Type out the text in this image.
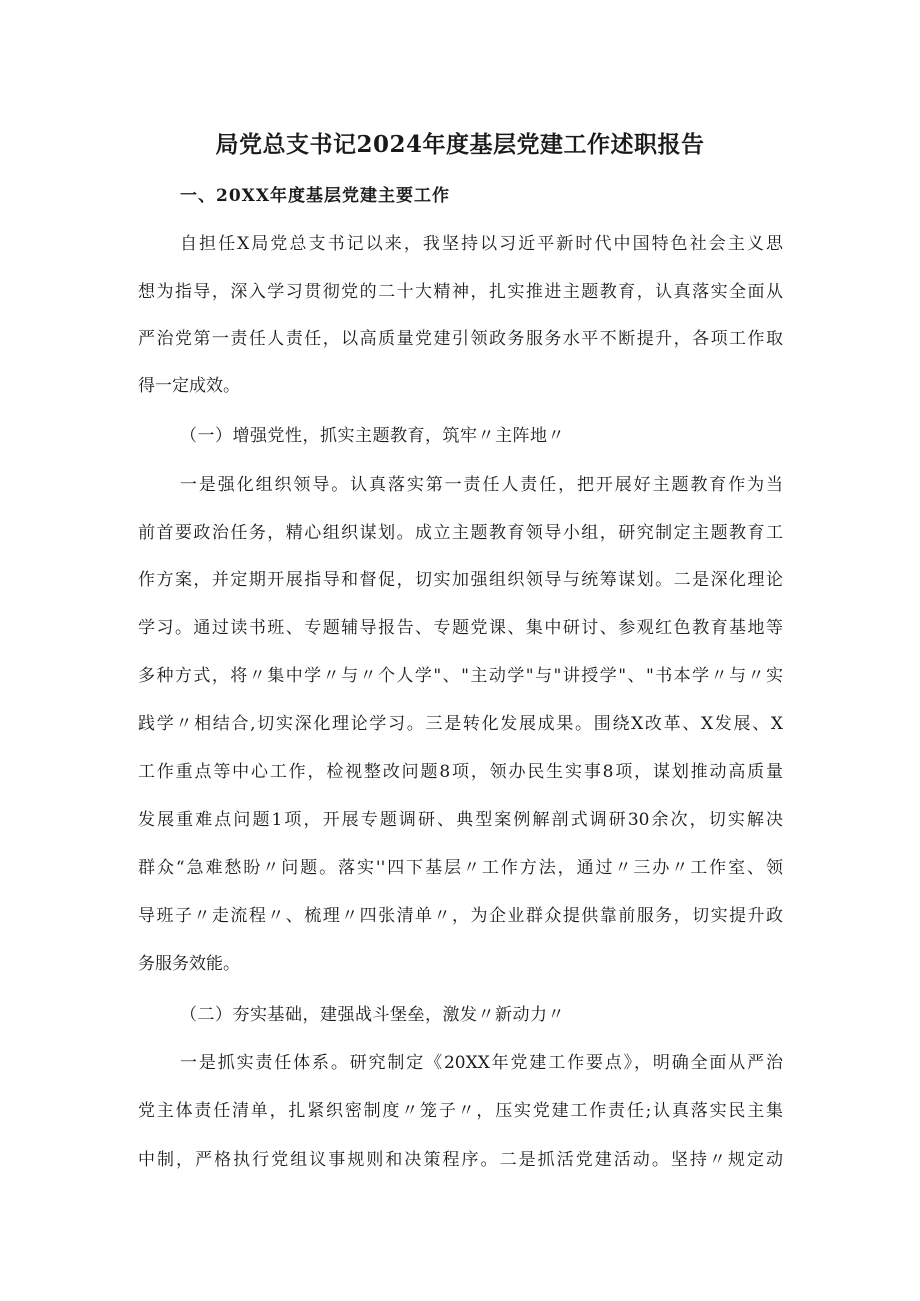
局党总支书记2024年度基层党建工作述职报告
一、20XX年度基层党建主要工作
自担任X局党总支书记以来，我坚持以习近平新时代中国特色社会主义思
想为指导，深入学习贯彻党的二十大精神，扎实推进主题教育，认真落实全面从
严治党第一责任人责任，以高质量党建引领政务服务水平不断提升，各项工作取
得一定成效。
（一）增强党性，抓实主题教育，筑牢〃主阵地〃
一是强化组织领导。认真落实第一责任人责任，把开展好主题教育作为当
前首要政治任务，精心组织谋划。成立主题教育领导小组，研究制定主题教育工
作方案，并定期开展指导和督促，切实加强组织领导与统筹谋划。二是深化理论
学习。通过读书班、专题辅导报告、专题党课、集中研讨、参观红色教育基地等
多种方式，将〃集中学〃与〃个人学"、"主动学"与"讲授学"、"书本学〃与〃实
践学〃相结合,切实深化理论学习。三是转化发展成果。围绕X改革、X发展、X
工作重点等中心工作，检视整改问题8项，领办民生实事8项，谋划推动高质量
发展重难点问题1项，开展专题调研、典型案例解剖式调研30余次，切实解决
群众“急难愁盼〃问题。落实''四下基层〃工作方法，通过〃三办〃工作室、领
导班子〃走流程〃、梳理〃四张清单〃，为企业群众提供靠前服务，切实提升政
务服务效能。
（二）夯实基础，建强战斗堡垒，激发〃新动力〃
一是抓实责任体系。研究制定《20XX年党建工作要点》，明确全面从严治
党主体责任清单，扎紧织密制度〃笼子〃，压实党建工作责任;认真落实民主集
中制，严格执行党组议事规则和决策程序。二是抓活党建活动。坚持〃规定动
